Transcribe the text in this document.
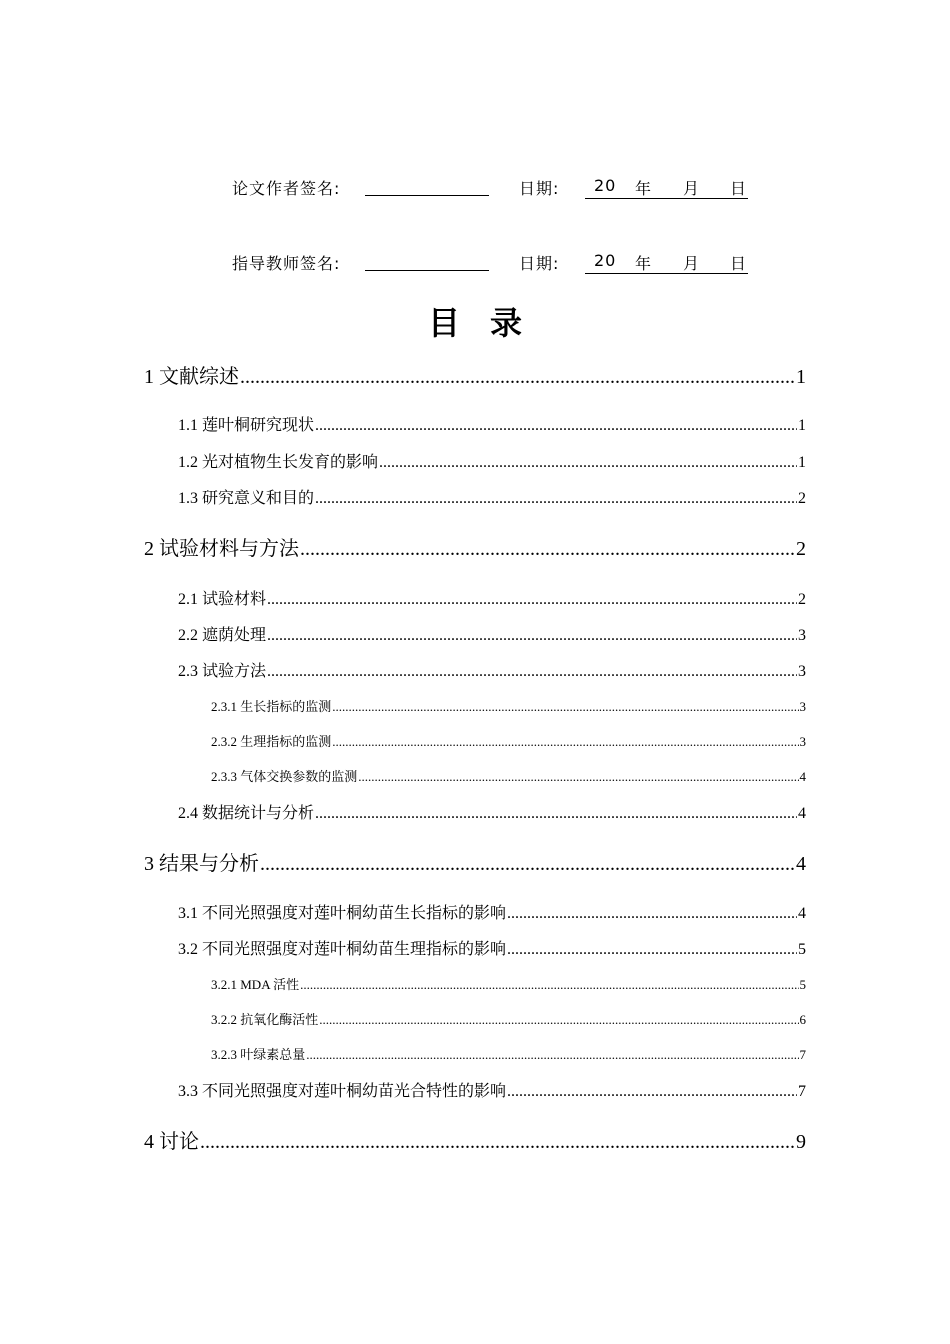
论文作者签名:	日期: 20 年 月 日
指导教师签名:	日期: 20 年 月 日
目录
1 文献综述 .....	1
1.1 莲叶桐研究现状 .....	1
1.2 光对植物生长发育的影响 .....	1
1.3 研究意义和目的 .....	2
2 试验材料与方法 .....	2
2.1 试验材料 .....	2
2.2 遮荫处理 .....	3
2.3 试验方法 .....	3
2.3.1 生长指标的监测 .....	3
2.3.2 生理指标的监测 .....	3
2.3.3 气体交换参数的监测 .....	4
2.4 数据统计与分析 .....	4
3 结果与分析 .....	4
3.1 不同光照强度对莲叶桐幼苗生长指标的影响 .....	4
3.2 不同光照强度对莲叶桐幼苗生理指标的影响 .....	5
3.2.1 MDA 活性 .....	5
3.2.2 抗氧化酶活性 .....	6
3.2.3 叶绿素总量 .....	7
3.3 不同光照强度对莲叶桐幼苗光合特性的影响 .....	7
4 讨论 .....	9
